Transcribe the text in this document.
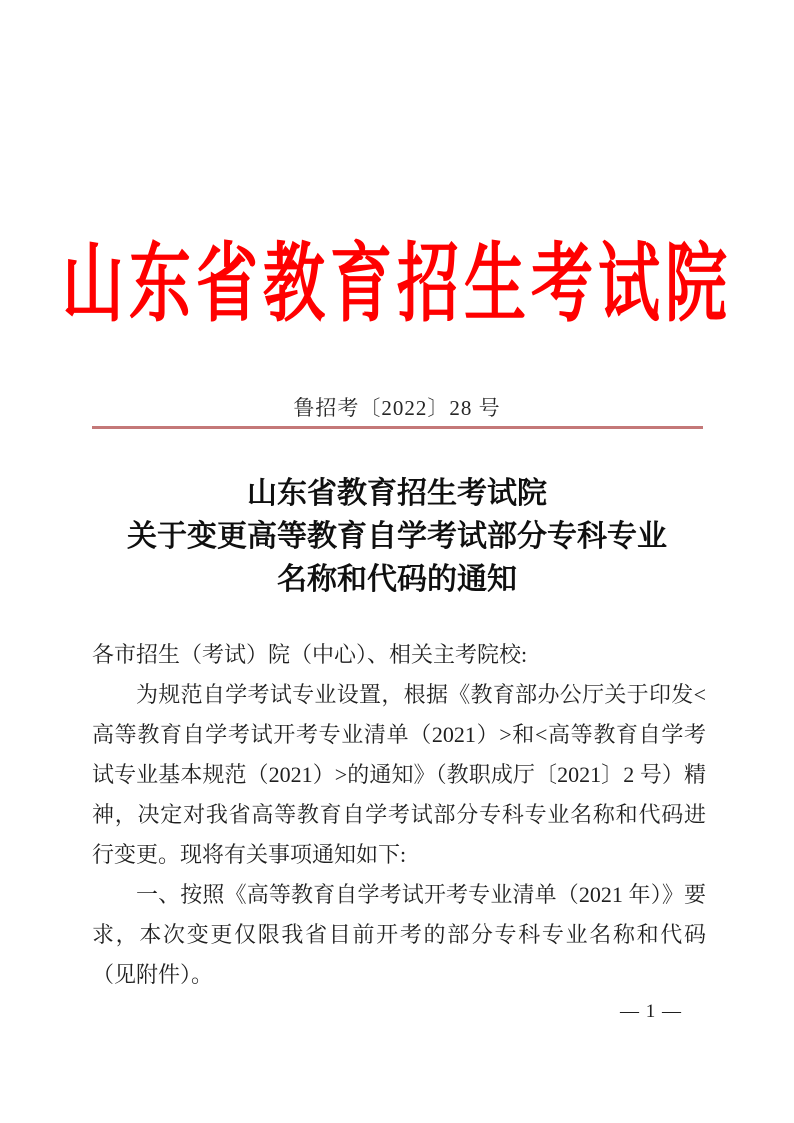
山东省教育招生考试院
鲁招考〔2022〕28 号
山东省教育招生考试院
关于变更高等教育自学考试部分专科专业
名称和代码的通知

各市招生（考试）院（中心）、相关主考院校:

为规范自学考试专业设置，根据《教育部办公厅关于印发<高等教育自学考试开考专业清单（2021）>和<高等教育自学考试专业基本规范（2021）>的通知》（教职成厅〔2021〕2 号）精神，决定对我省高等教育自学考试部分专科专业名称和代码进行变更。现将有关事项通知如下:

一、按照《高等教育自学考试开考专业清单（2021 年）》要求，本次变更仅限我省目前开考的部分专科专业名称和代码（见附件）。

— 1 —
